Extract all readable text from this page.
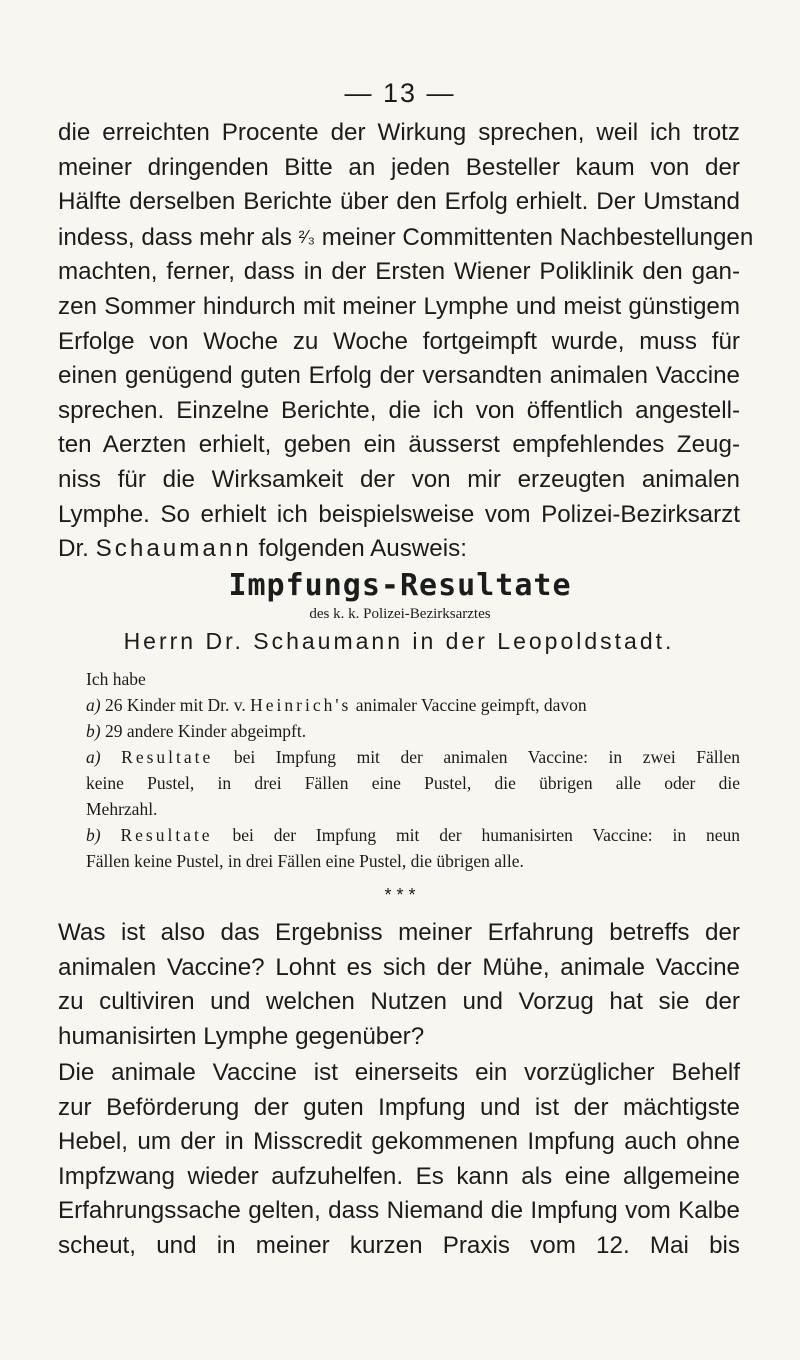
— 13 —
die erreichten Procente der Wirkung sprechen, weil ich trotz
meiner dringenden Bitte an jeden Besteller kaum von der
Hälfte derselben Berichte über den Erfolg erhielt. Der Umstand
indess, dass mehr als ²⁄₃ meiner Committenten Nachbestellungen
machten, ferner, dass in der Ersten Wiener Poliklinik den gan-
zen Sommer hindurch mit meiner Lymphe und meist günstigem
Erfolge von Woche zu Woche fortgeimpft wurde, muss für
einen genügend guten Erfolg der versandten animalen Vaccine
sprechen. Einzelne Berichte, die ich von öffentlich angestell-
ten Aerzten erhielt, geben ein äusserst empfehlendes Zeug-
niss für die Wirksamkeit der von mir erzeugten animalen
Lymphe. So erhielt ich beispielsweise vom Polizei-Bezirksarzt
Dr. Schaumann folgenden Ausweis:
Impfungs-Resultate
des k. k. Polizei-Bezirksarztes
Herrn Dr. Schaumann in der Leopoldstadt.
Ich habe
a) 26 Kinder mit Dr. v. Heinrich's animaler Vaccine geimpft, davon
b) 29 andere Kinder abgeimpft.
a) Resultate bei Impfung mit der animalen Vaccine: in zwei Fällen
keine Pustel, in drei Fällen eine Pustel, die übrigen alle oder die
Mehrzahl.
b) Resultate bei der Impfung mit der humanisirten Vaccine: in neun
Fällen keine Pustel, in drei Fällen eine Pustel, die übrigen alle.
* * *
Was ist also das Ergebniss meiner Erfahrung betreffs der
animalen Vaccine? Lohnt es sich der Mühe, animale Vaccine
zu cultiviren und welchen Nutzen und Vorzug hat sie der
humanisirten Lymphe gegenüber?
Die animale Vaccine ist einerseits ein vorzüglicher Behelf
zur Beförderung der guten Impfung und ist der mächtigste
Hebel, um der in Misscredit gekommenen Impfung auch ohne
Impfzwang wieder aufzuhelfen. Es kann als eine allgemeine
Erfahrungssache gelten, dass Niemand die Impfung vom Kalbe
scheut, und in meiner kurzen Praxis vom 12. Mai bis
